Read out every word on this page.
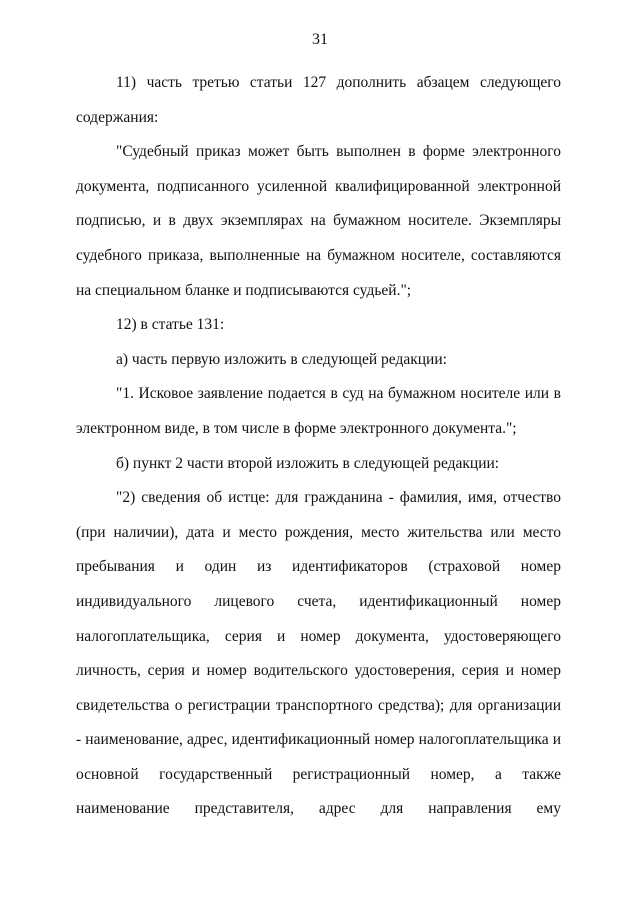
31

11) часть третью статьи 127 дополнить абзацем следующего содержания:

"Судебный приказ может быть выполнен в форме электронного документа, подписанного усиленной квалифицированной электронной подписью, и в двух экземплярах на бумажном носителе. Экземпляры судебного приказа, выполненные на бумажном носителе, составляются на специальном бланке и подписываются судьей.";

12) в статье 131:

а) часть первую изложить в следующей редакции:

"1. Исковое заявление подается в суд на бумажном носителе или в электронном виде, в том числе в форме электронного документа.";

б) пункт 2 части второй изложить в следующей редакции:

"2) сведения об истце: для гражданина - фамилия, имя, отчество (при наличии), дата и место рождения, место жительства или место пребывания и один из идентификаторов (страховой номер индивидуального лицевого счета, идентификационный номер налогоплательщика, серия и номер документа, удостоверяющего личность, серия и номер водительского удостоверения, серия и номер свидетельства о регистрации транспортного средства); для организации - наименование, адрес, идентификационный номер налогоплательщика и основной государственный регистрационный номер, а также наименование представителя, адрес для направления ему
